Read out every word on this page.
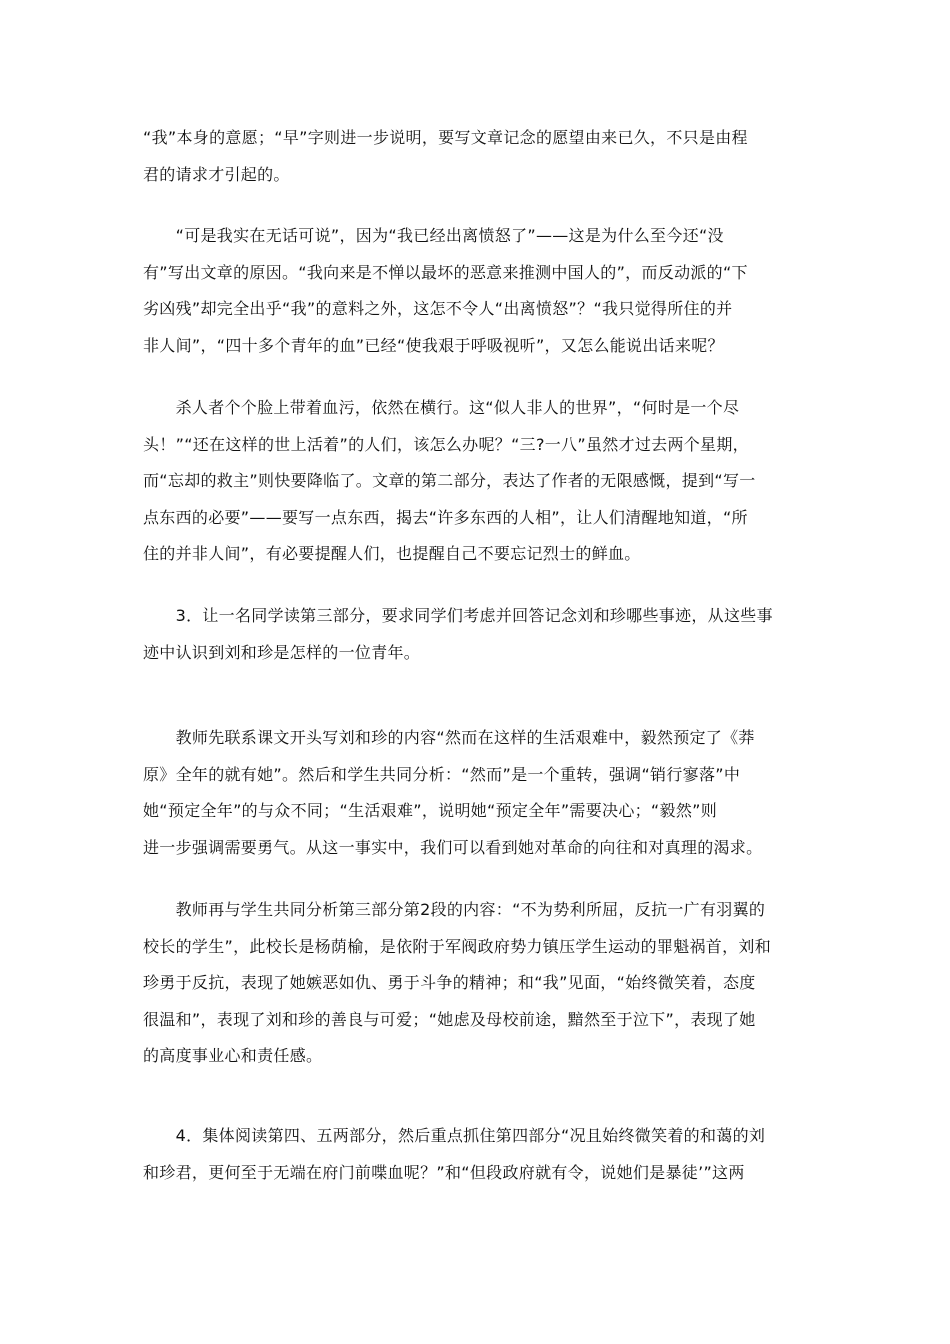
“我”本身的意愿；“早”字则进一步说明，要写文章记念的愿望由来已久，不只是由程
君的请求才引起的。
　　“可是我实在无话可说”，因为“我已经出离愤怒了”——这是为什么至今还“没
有”写出文章的原因。“我向来是不惮以最坏的恶意来推测中国人的”，而反动派的“下
劣凶残”却完全出乎“我”的意料之外，这怎不令人“出离愤怒”？“我只觉得所住的并
非人间”，“四十多个青年的血”已经“使我艰于呼吸视听”，又怎么能说出话来呢？
　　杀人者个个脸上带着血污，依然在横行。这“似人非人的世界”，“何时是一个尽
头！”“还在这样的世上活着”的人们，该怎么办呢？“三?一八”虽然才过去两个星期，
而“忘却的救主”则快要降临了。文章的第二部分，表达了作者的无限感慨，提到“写一
点东西的必要”——要写一点东西，揭去“许多东西的人相”，让人们清醒地知道，“所
住的并非人间”，有必要提醒人们，也提醒自己不要忘记烈士的鲜血。
　　3．让一名同学读第三部分，要求同学们考虑并回答记念刘和珍哪些事迹，从这些事
迹中认识到刘和珍是怎样的一位青年。
　　教师先联系课文开头写刘和珍的内容“然而在这样的生活艰难中，毅然预定了《莽
原》全年的就有她”。然后和学生共同分析：“然而”是一个重转，强调“销行寥落”中
她“预定全年”的与众不同；“生活艰难”，说明她“预定全年”需要决心；“毅然”则
进一步强调需要勇气。从这一事实中，我们可以看到她对革命的向往和对真理的渴求。
　　教师再与学生共同分析第三部分第2段的内容：“不为势利所屈，反抗一广有羽翼的
校长的学生”，此校长是杨荫榆，是依附于军阀政府势力镇压学生运动的罪魁祸首，刘和
珍勇于反抗，表现了她嫉恶如仇、勇于斗争的精神；和“我”见面，“始终微笑着，态度
很温和”，表现了刘和珍的善良与可爱；“她虑及母校前途，黯然至于泣下”，表现了她
的高度事业心和责任感。
　　4．集体阅读第四、五两部分，然后重点抓住第四部分“况且始终微笑着的和蔼的刘
和珍君，更何至于无端在府门前喋血呢？”和“但段政府就有令，说她们是暴徒’”这两
